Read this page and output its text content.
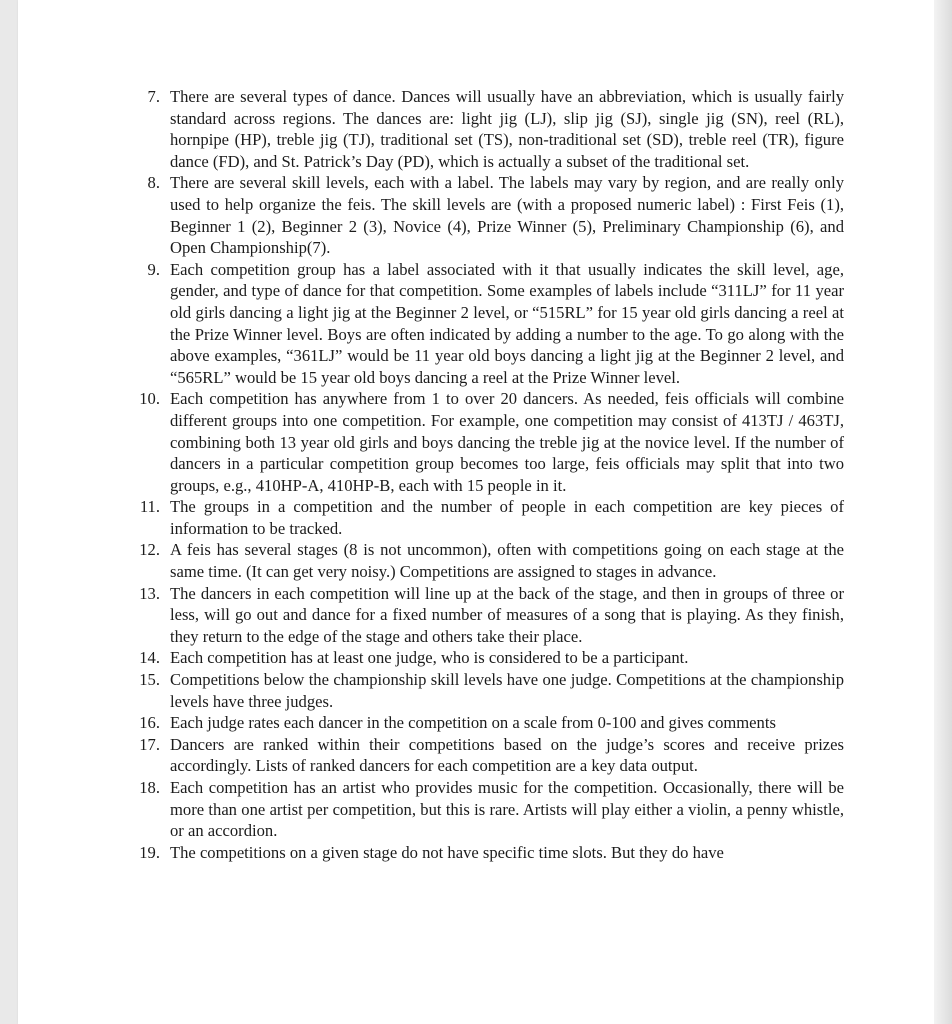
7. There are several types of dance. Dances will usually have an abbreviation, which is usually fairly standard across regions. The dances are: light jig (LJ), slip jig (SJ), single jig (SN), reel (RL), hornpipe (HP), treble jig (TJ), traditional set (TS), non-traditional set (SD), treble reel (TR), figure dance (FD), and St. Patrick’s Day (PD), which is actually a subset of the traditional set.
8. There are several skill levels, each with a label. The labels may vary by region, and are really only used to help organize the feis. The skill levels are (with a proposed numeric label) : First Feis (1), Beginner 1 (2), Beginner 2 (3), Novice (4), Prize Winner (5), Preliminary Championship (6), and Open Championship(7).
9. Each competition group has a label associated with it that usually indicates the skill level, age, gender, and type of dance for that competition. Some examples of labels include “311LJ” for 11 year old girls dancing a light jig at the Beginner 2 level, or “515RL” for 15 year old girls dancing a reel at the Prize Winner level. Boys are often indicated by adding a number to the age. To go along with the above examples, “361LJ” would be 11 year old boys dancing a light jig at the Beginner 2 level, and “565RL” would be 15 year old boys dancing a reel at the Prize Winner level.
10. Each competition has anywhere from 1 to over 20 dancers. As needed, feis officials will combine different groups into one competition. For example, one competition may consist of 413TJ / 463TJ, combining both 13 year old girls and boys dancing the treble jig at the novice level. If the number of dancers in a particular competition group becomes too large, feis officials may split that into two groups, e.g., 410HP-A, 410HP-B, each with 15 people in it.
11. The groups in a competition and the number of people in each competition are key pieces of information to be tracked.
12. A feis has several stages (8 is not uncommon), often with competitions going on each stage at the same time. (It can get very noisy.) Competitions are assigned to stages in advance.
13. The dancers in each competition will line up at the back of the stage, and then in groups of three or less, will go out and dance for a fixed number of measures of a song that is playing. As they finish, they return to the edge of the stage and others take their place.
14. Each competition has at least one judge, who is considered to be a participant.
15. Competitions below the championship skill levels have one judge. Competitions at the championship levels have three judges.
16. Each judge rates each dancer in the competition on a scale from 0-100 and gives comments
17. Dancers are ranked within their competitions based on the judge’s scores and receive prizes accordingly. Lists of ranked dancers for each competition are a key data output.
18. Each competition has an artist who provides music for the competition. Occasionally, there will be more than one artist per competition, but this is rare. Artists will play either a violin, a penny whistle, or an accordion.
19. The competitions on a given stage do not have specific time slots. But they do have
